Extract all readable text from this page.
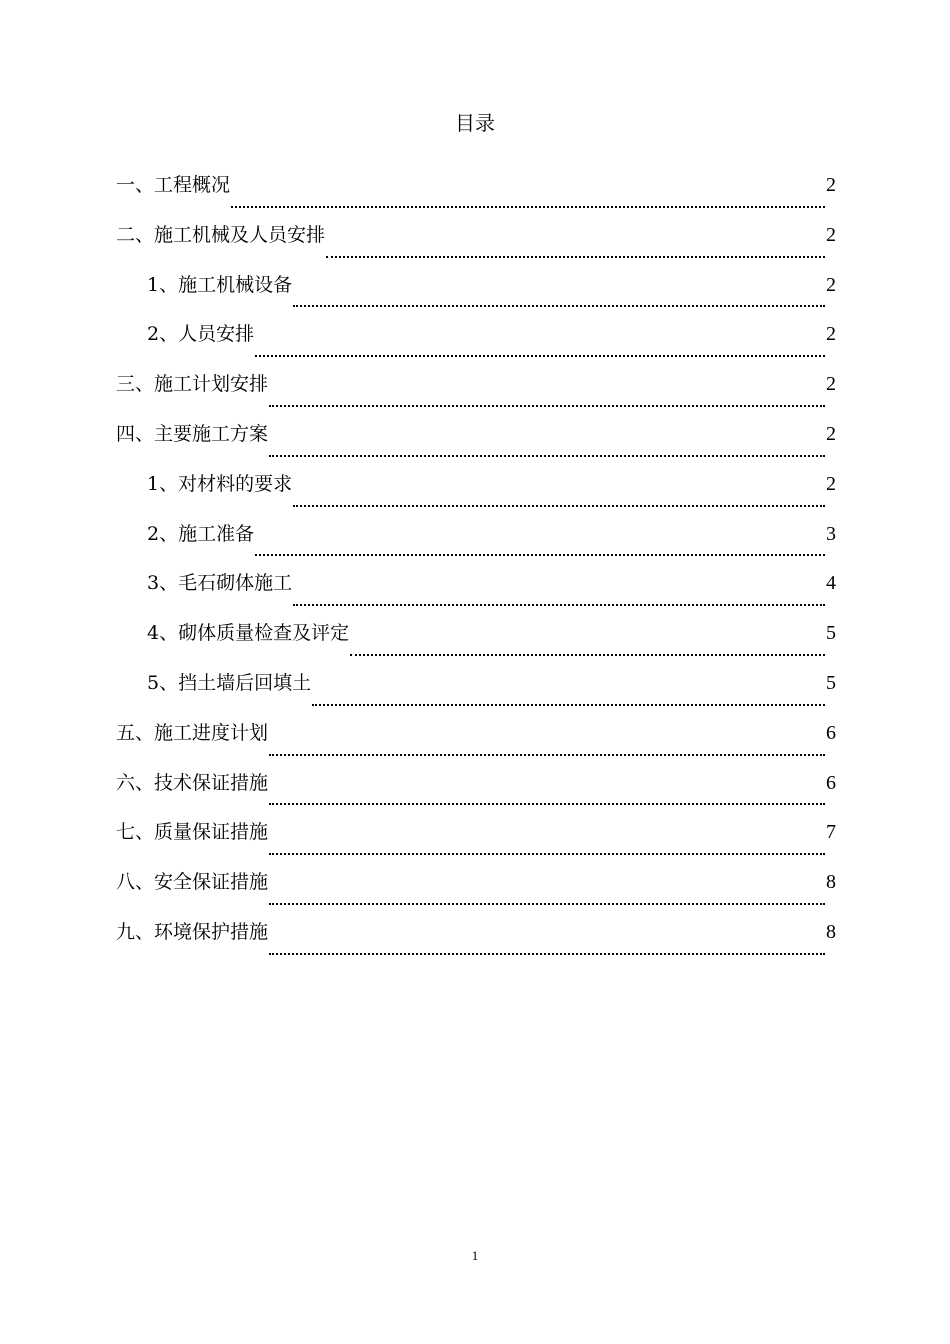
目录
一、工程概况	2
二、施工机械及人员安排	2
1、施工机械设备	2
2、人员安排	2
三、施工计划安排	2
四、主要施工方案	2
1、对材料的要求	2
2、施工准备	3
3、毛石砌体施工	4
4、砌体质量检查及评定	5
5、挡土墙后回填土	5
五、施工进度计划	6
六、技术保证措施	6
七、质量保证措施	7
八、安全保证措施	8
九、环境保护措施	8
1
